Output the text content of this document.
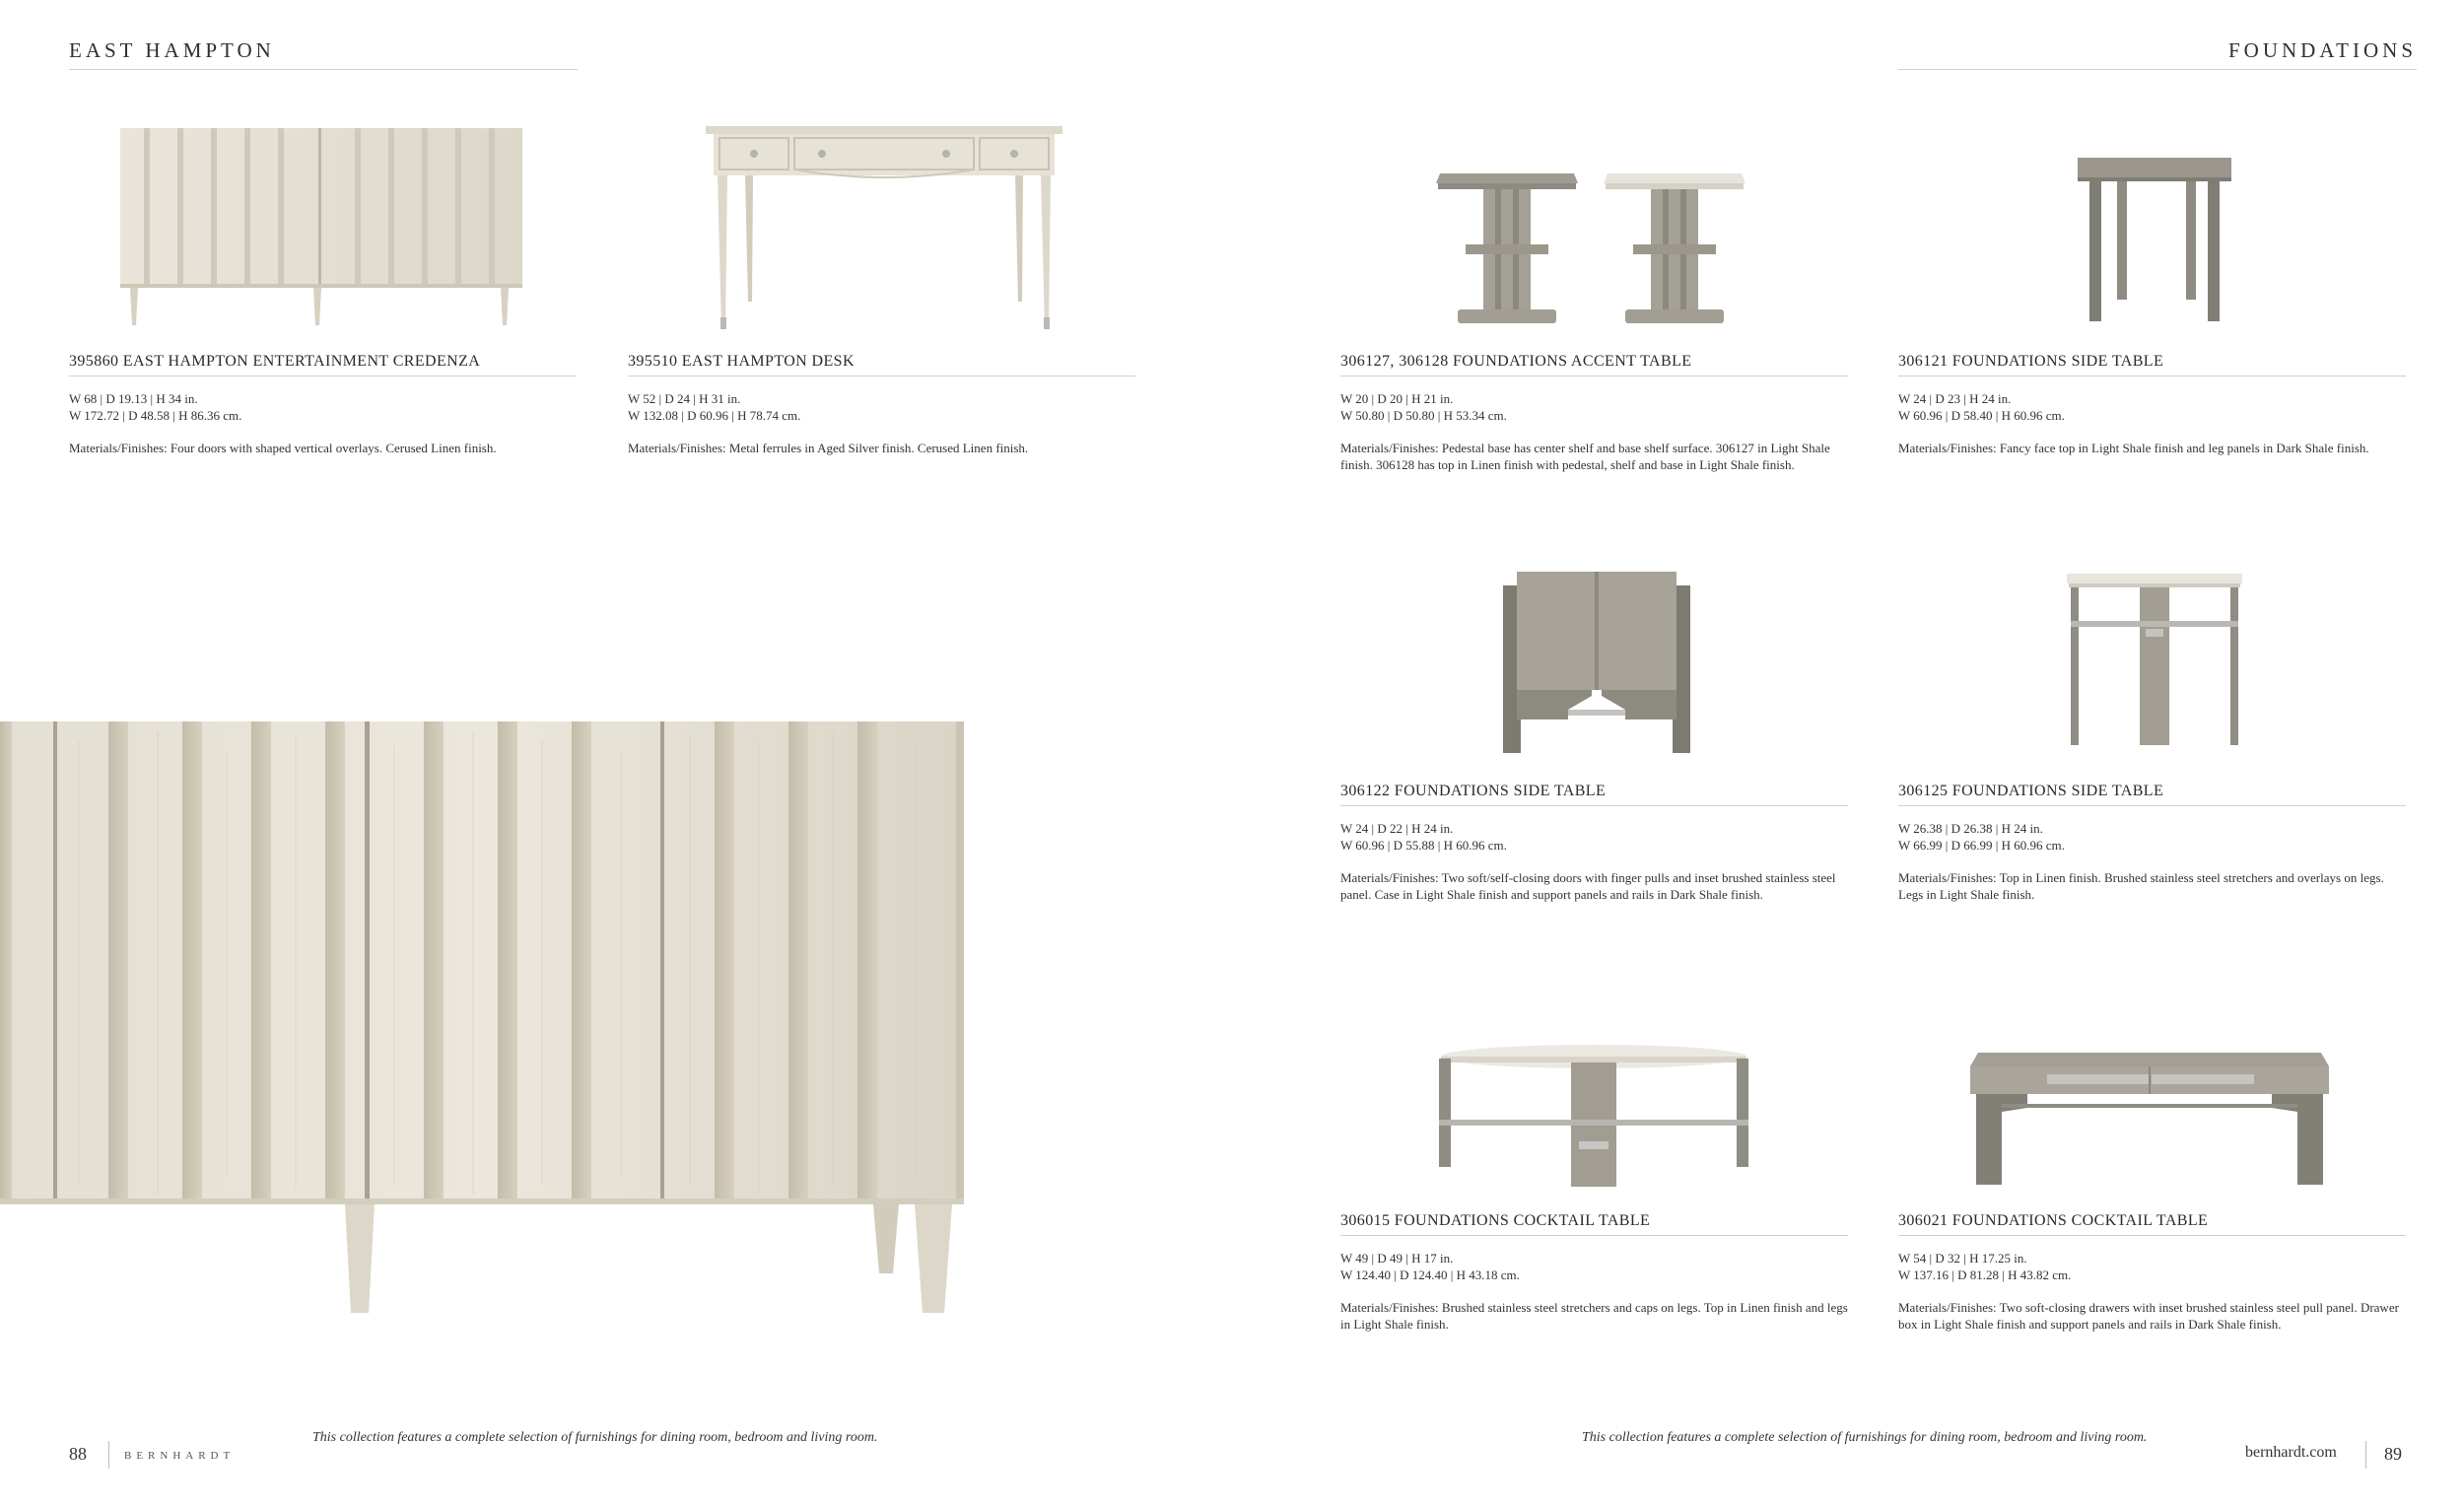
EAST HAMPTON	FOUNDATIONS
395860 EAST HAMPTON ENTERTAINMENT CREDENZA
W 68 | D 19.13 | H 34 in.
W 172.72 | D 48.58 | H 86.36 cm.
Materials/Finishes: Four doors with shaped vertical overlays. Cerused Linen finish.
395510 EAST HAMPTON DESK
W 52 | D 24 | H 31 in.
W 132.08 | D 60.96 | H 78.74 cm.
Materials/Finishes: Metal ferrules in Aged Silver finish. Cerused Linen finish.
306127, 306128 FOUNDATIONS ACCENT TABLE
W 20 | D 20 | H 21 in.
W 50.80 | D 50.80 | H 53.34 cm.
Materials/Finishes: Pedestal base has center shelf and base shelf surface. 306127 in Light Shale finish. 306128 has top in Linen finish with pedestal, shelf and base in Light Shale finish.
306121 FOUNDATIONS SIDE TABLE
W 24 | D 23 | H 24 in.
W 60.96 | D 58.40 | H 60.96 cm.
Materials/Finishes: Fancy face top in Light Shale finish and leg panels in Dark Shale finish.
306122 FOUNDATIONS SIDE TABLE
W 24 | D 22 | H 24 in.
W 60.96 | D 55.88 | H 60.96 cm.
Materials/Finishes: Two soft/self-closing doors with finger pulls and inset brushed stainless steel panel. Case in Light Shale finish and support panels and rails in Dark Shale finish.
306125 FOUNDATIONS SIDE TABLE
W 26.38 | D 26.38 | H 24 in.
W 66.99 | D 66.99 | H 60.96 cm.
Materials/Finishes: Top in Linen finish. Brushed stainless steel stretchers and overlays on legs. Legs in Light Shale finish.
306015 FOUNDATIONS COCKTAIL TABLE
W 49 | D 49 | H 17 in.
W 124.40 | D 124.40 | H 43.18 cm.
Materials/Finishes: Brushed stainless steel stretchers and caps on legs. Top in Linen finish and legs in Light Shale finish.
306021 FOUNDATIONS COCKTAIL TABLE
W 54 | D 32 | H 17.25 in.
W 137.16 | D 81.28 | H 43.82 cm.
Materials/Finishes: Two soft-closing drawers with inset brushed stainless steel pull panel. Drawer box in Light Shale finish and support panels and rails in Dark Shale finish.
88	BERNHARDT
This collection features a complete selection of furnishings for dining room, bedroom and living room.	This collection features a complete selection of furnishings for dining room, bedroom and living room.
bernhardt.com	89
